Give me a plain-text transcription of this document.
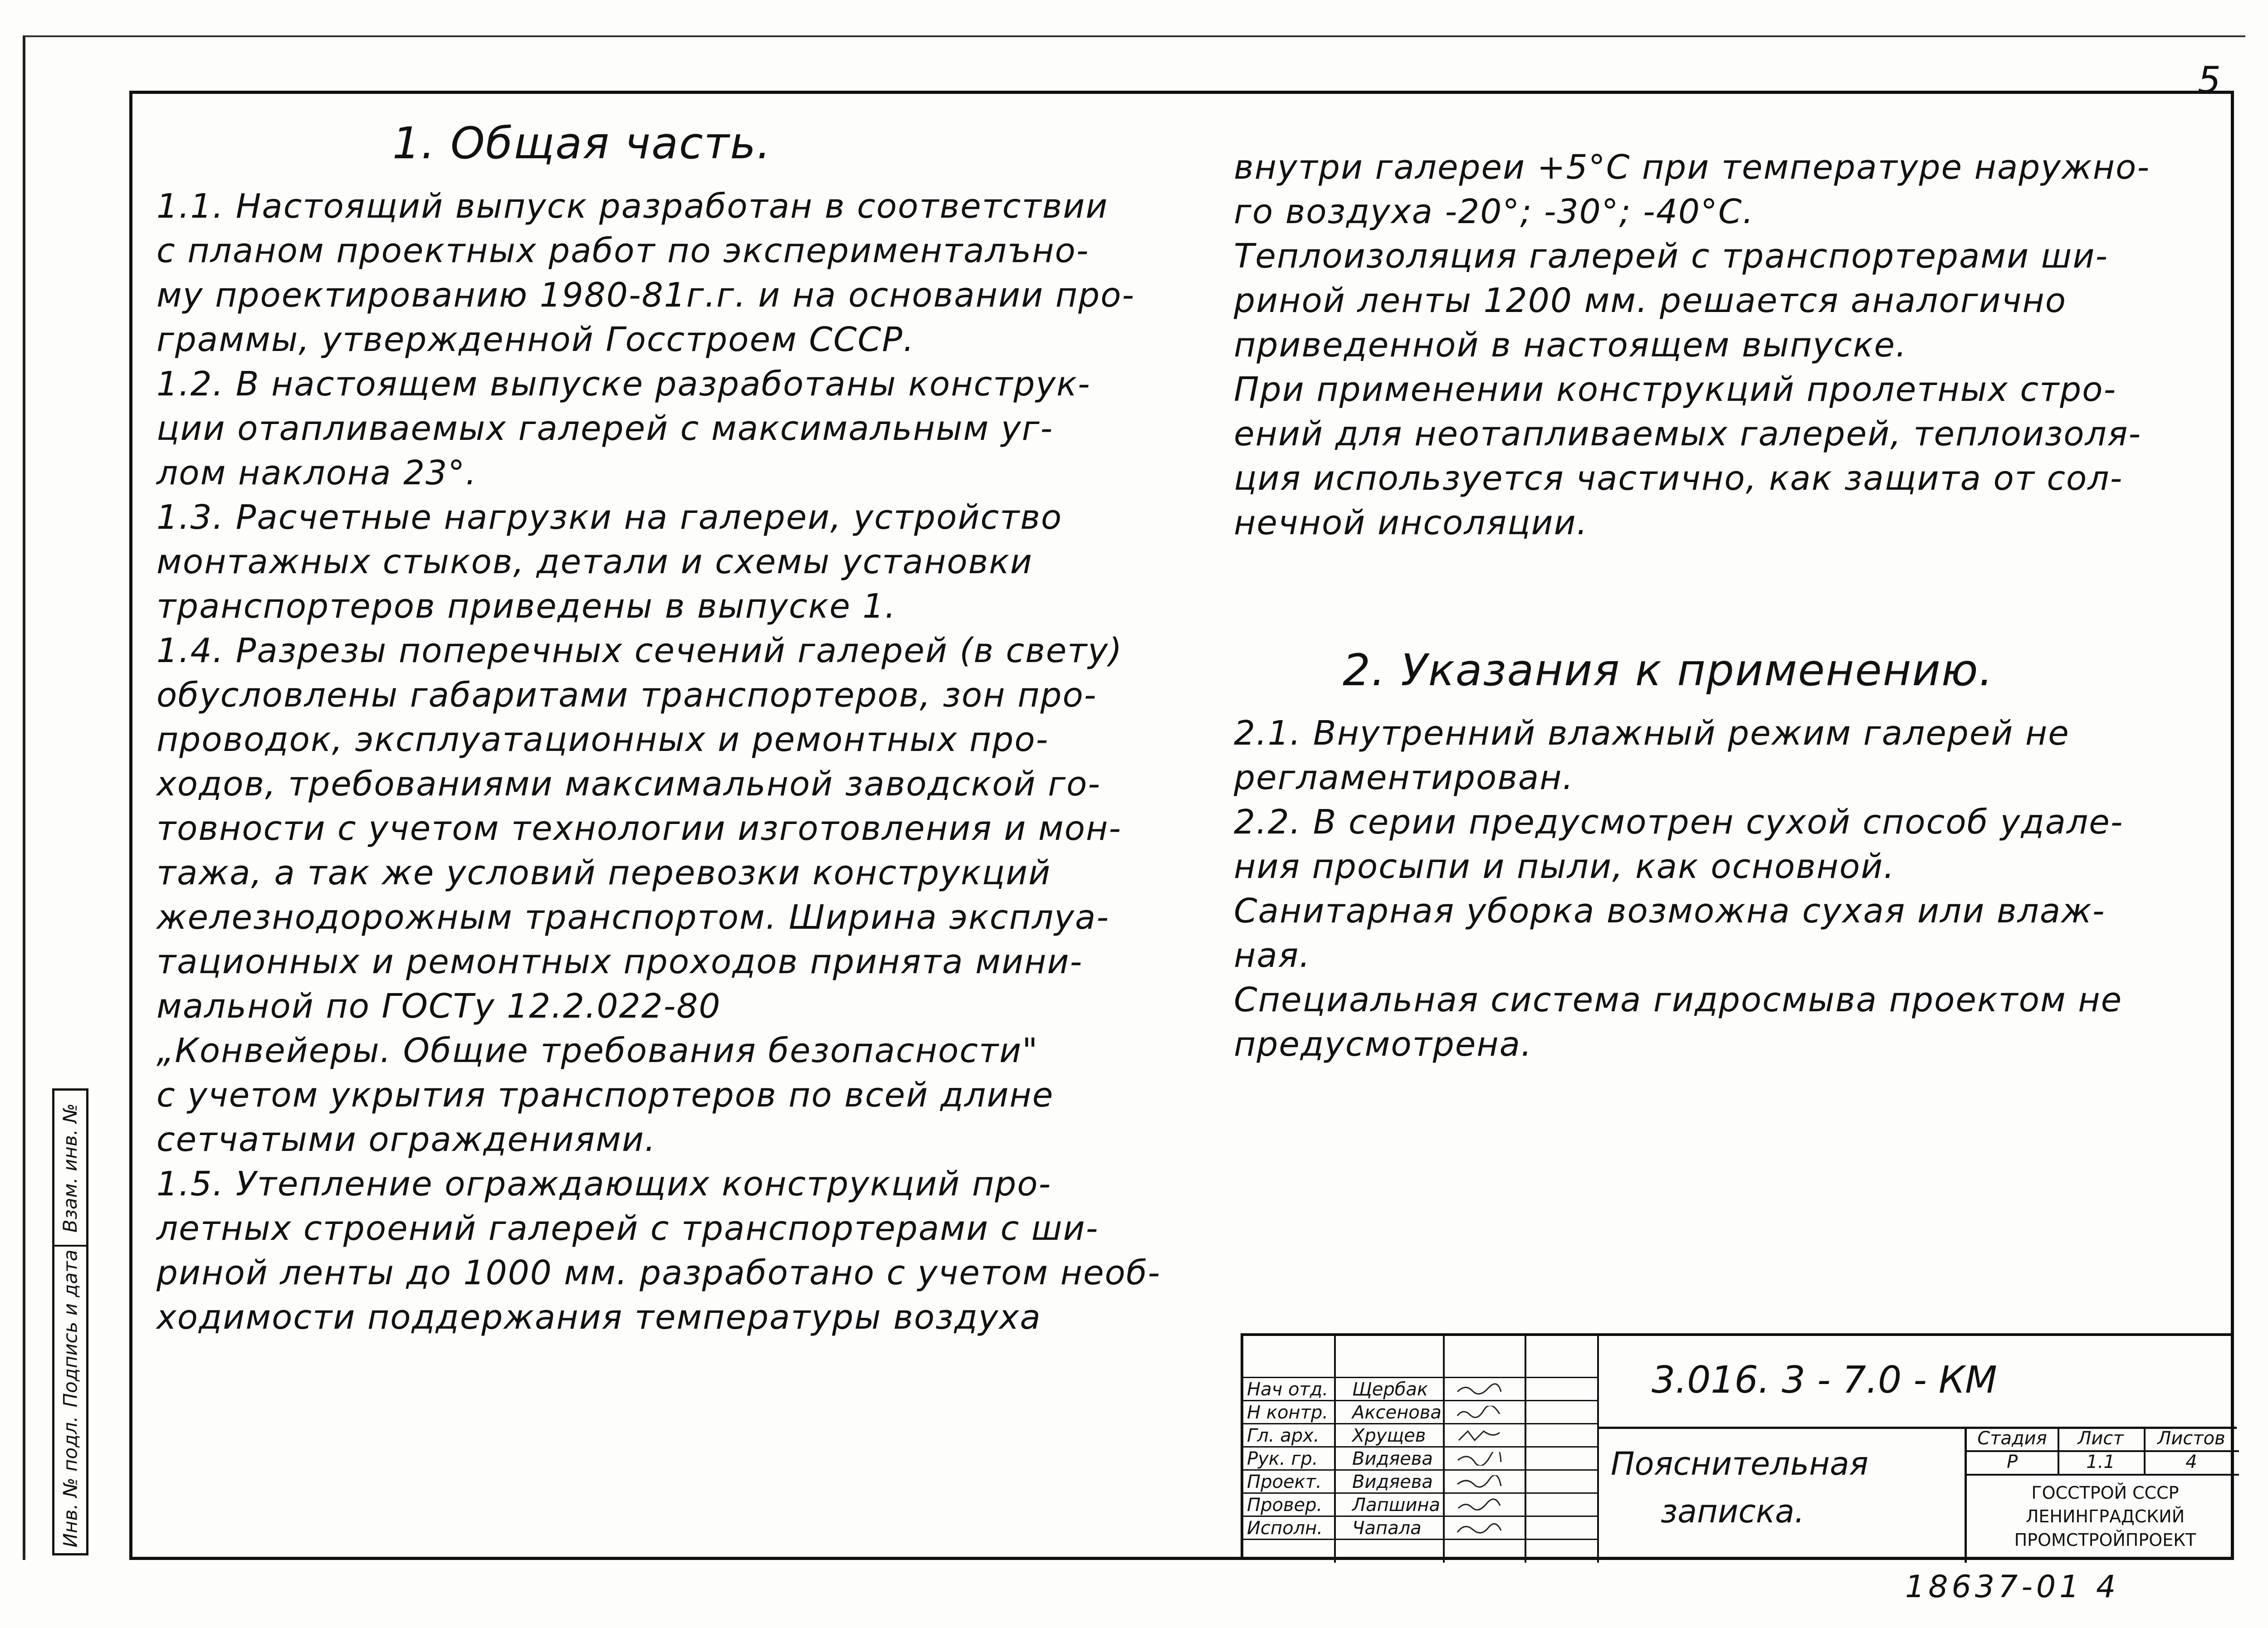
5
1. Общая часть.
1.1. Настоящий выпуск разработан в соответствии
с планом проектных работ по эксперименталъно-
му проектированию 1980-81г.г. и на основании про-
граммы, утвержденной Госстроем СССР.
1.2. В настоящем выпуске разработаны конструк-
ции отапливаемых галерей с максимальным уг-
лом наклона 23°.
1.3. Расчетные нагрузки на галереи, устройство
монтажных стыков, детали и схемы установки
транспортеров приведены в выпуске 1.
1.4. Разрезы поперечных сечений галерей (в свету)
обусловлены габаритами транспортеров, зон про-
проводок, эксплуатационных и ремонтных про-
ходов, требованиями максимальной заводской го-
товности с учетом технологии изготовления и мон-
тажа, а так же условий перевозки конструкций
железнодорожным транспортом. Ширина эксплуа-
тационных и ремонтных проходов принята мини-
мальной по ГОСТу 12.2.022-80
„Конвейеры. Общие требования безопасности"
с учетом укрытия транспортеров по всей длине
сетчатыми ограждениями.
1.5. Утепление ограждающих конструкций про-
летных строений галерей с транспортерами с ши-
риной ленты до 1000 мм. разработано с учетом необ-
ходимости поддержания температуры воздуха
внутри галереи +5°С при температуре наружно-
го воздуха -20°; -30°; -40°С.
Теплоизоляция галерей с транспортерами ши-
риной ленты 1200 мм. решается аналогично
приведенной в настоящем выпуске.
При применении конструкций пролетных стро-
ений для неотапливаемых галерей, теплоизоля-
ция используется частично, как защита от сол-
нечной инсоляции.
2. Указания к применению.
2.1. Внутренний влажный режим галерей не
регламентирован.
2.2. В серии предусмотрен сухой способ удале-
ния просыпи и пыли, как основной.
Санитарная уборка возможна сухая или влаж-
ная.
Специальная система гидросмыва проектом не
предусмотрена.
Инв. № подл.
Подпись и дата
Взам. инв. №
Нач отд. Щербак
Н контр. Аксенова
Гл. арх. Хрущев
Рук. гр. Видяева
Проект. Видяева
Провер. Лапшина
Исполн. Чапала
3.016. 3 - 7.0 - КМ
Пояснительная
записка.
Стадия	Лист	Листов
Р	1.1	4
ГОССТРОЙ СССР
ЛЕНИНГРАДСКИЙ
ПРОМСТРОЙПРОЕКТ
18637-01 4
